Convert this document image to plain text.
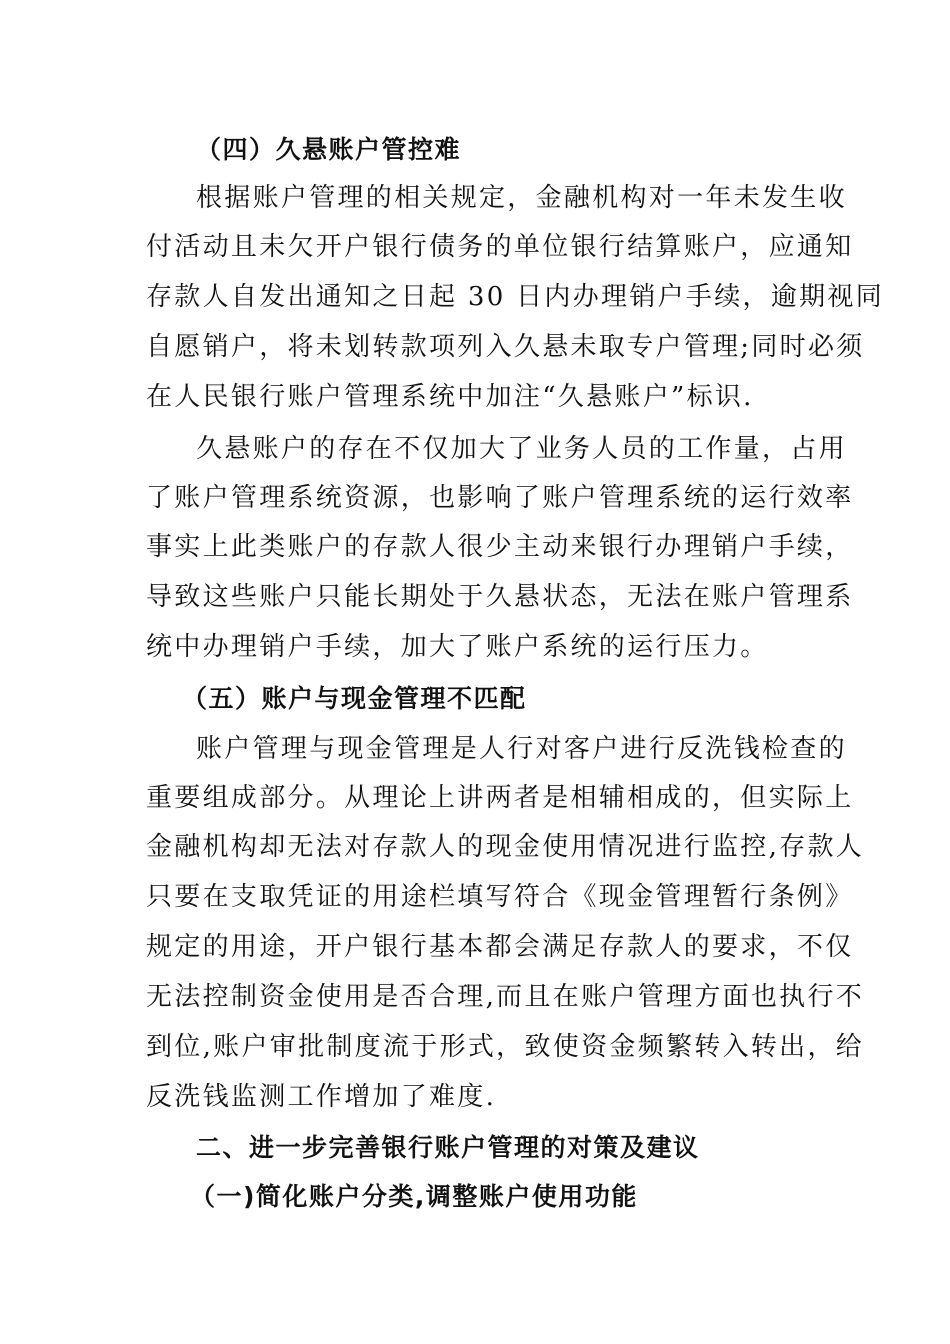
（四）久悬账户管控难
根据账户管理的相关规定，金融机构对一年未发生收
付活动且未欠开户银行债务的单位银行结算账户，应通知
存款人自发出通知之日起 30 日内办理销户手续，逾期视同
自愿销户，将未划转款项列入久悬未取专户管理;同时必须
在人民银行账户管理系统中加注“久悬账户”标识.
久悬账户的存在不仅加大了业务人员的工作量，占用
了账户管理系统资源，也影响了账户管理系统的运行效率
事实上此类账户的存款人很少主动来银行办理销户手续，
导致这些账户只能长期处于久悬状态，无法在账户管理系
统中办理销户手续，加大了账户系统的运行压力。
（五）账户与现金管理不匹配
账户管理与现金管理是人行对客户进行反洗钱检查的
重要组成部分。从理论上讲两者是相辅相成的，但实际上
金融机构却无法对存款人的现金使用情况进行监控,存款人
只要在支取凭证的用途栏填写符合《现金管理暂行条例》
规定的用途，开户银行基本都会满足存款人的要求，不仅
无法控制资金使用是否合理,而且在账户管理方面也执行不
到位,账户审批制度流于形式，致使资金频繁转入转出，给
反洗钱监测工作增加了难度.
二、进一步完善银行账户管理的对策及建议
（一)简化账户分类,调整账户使用功能
